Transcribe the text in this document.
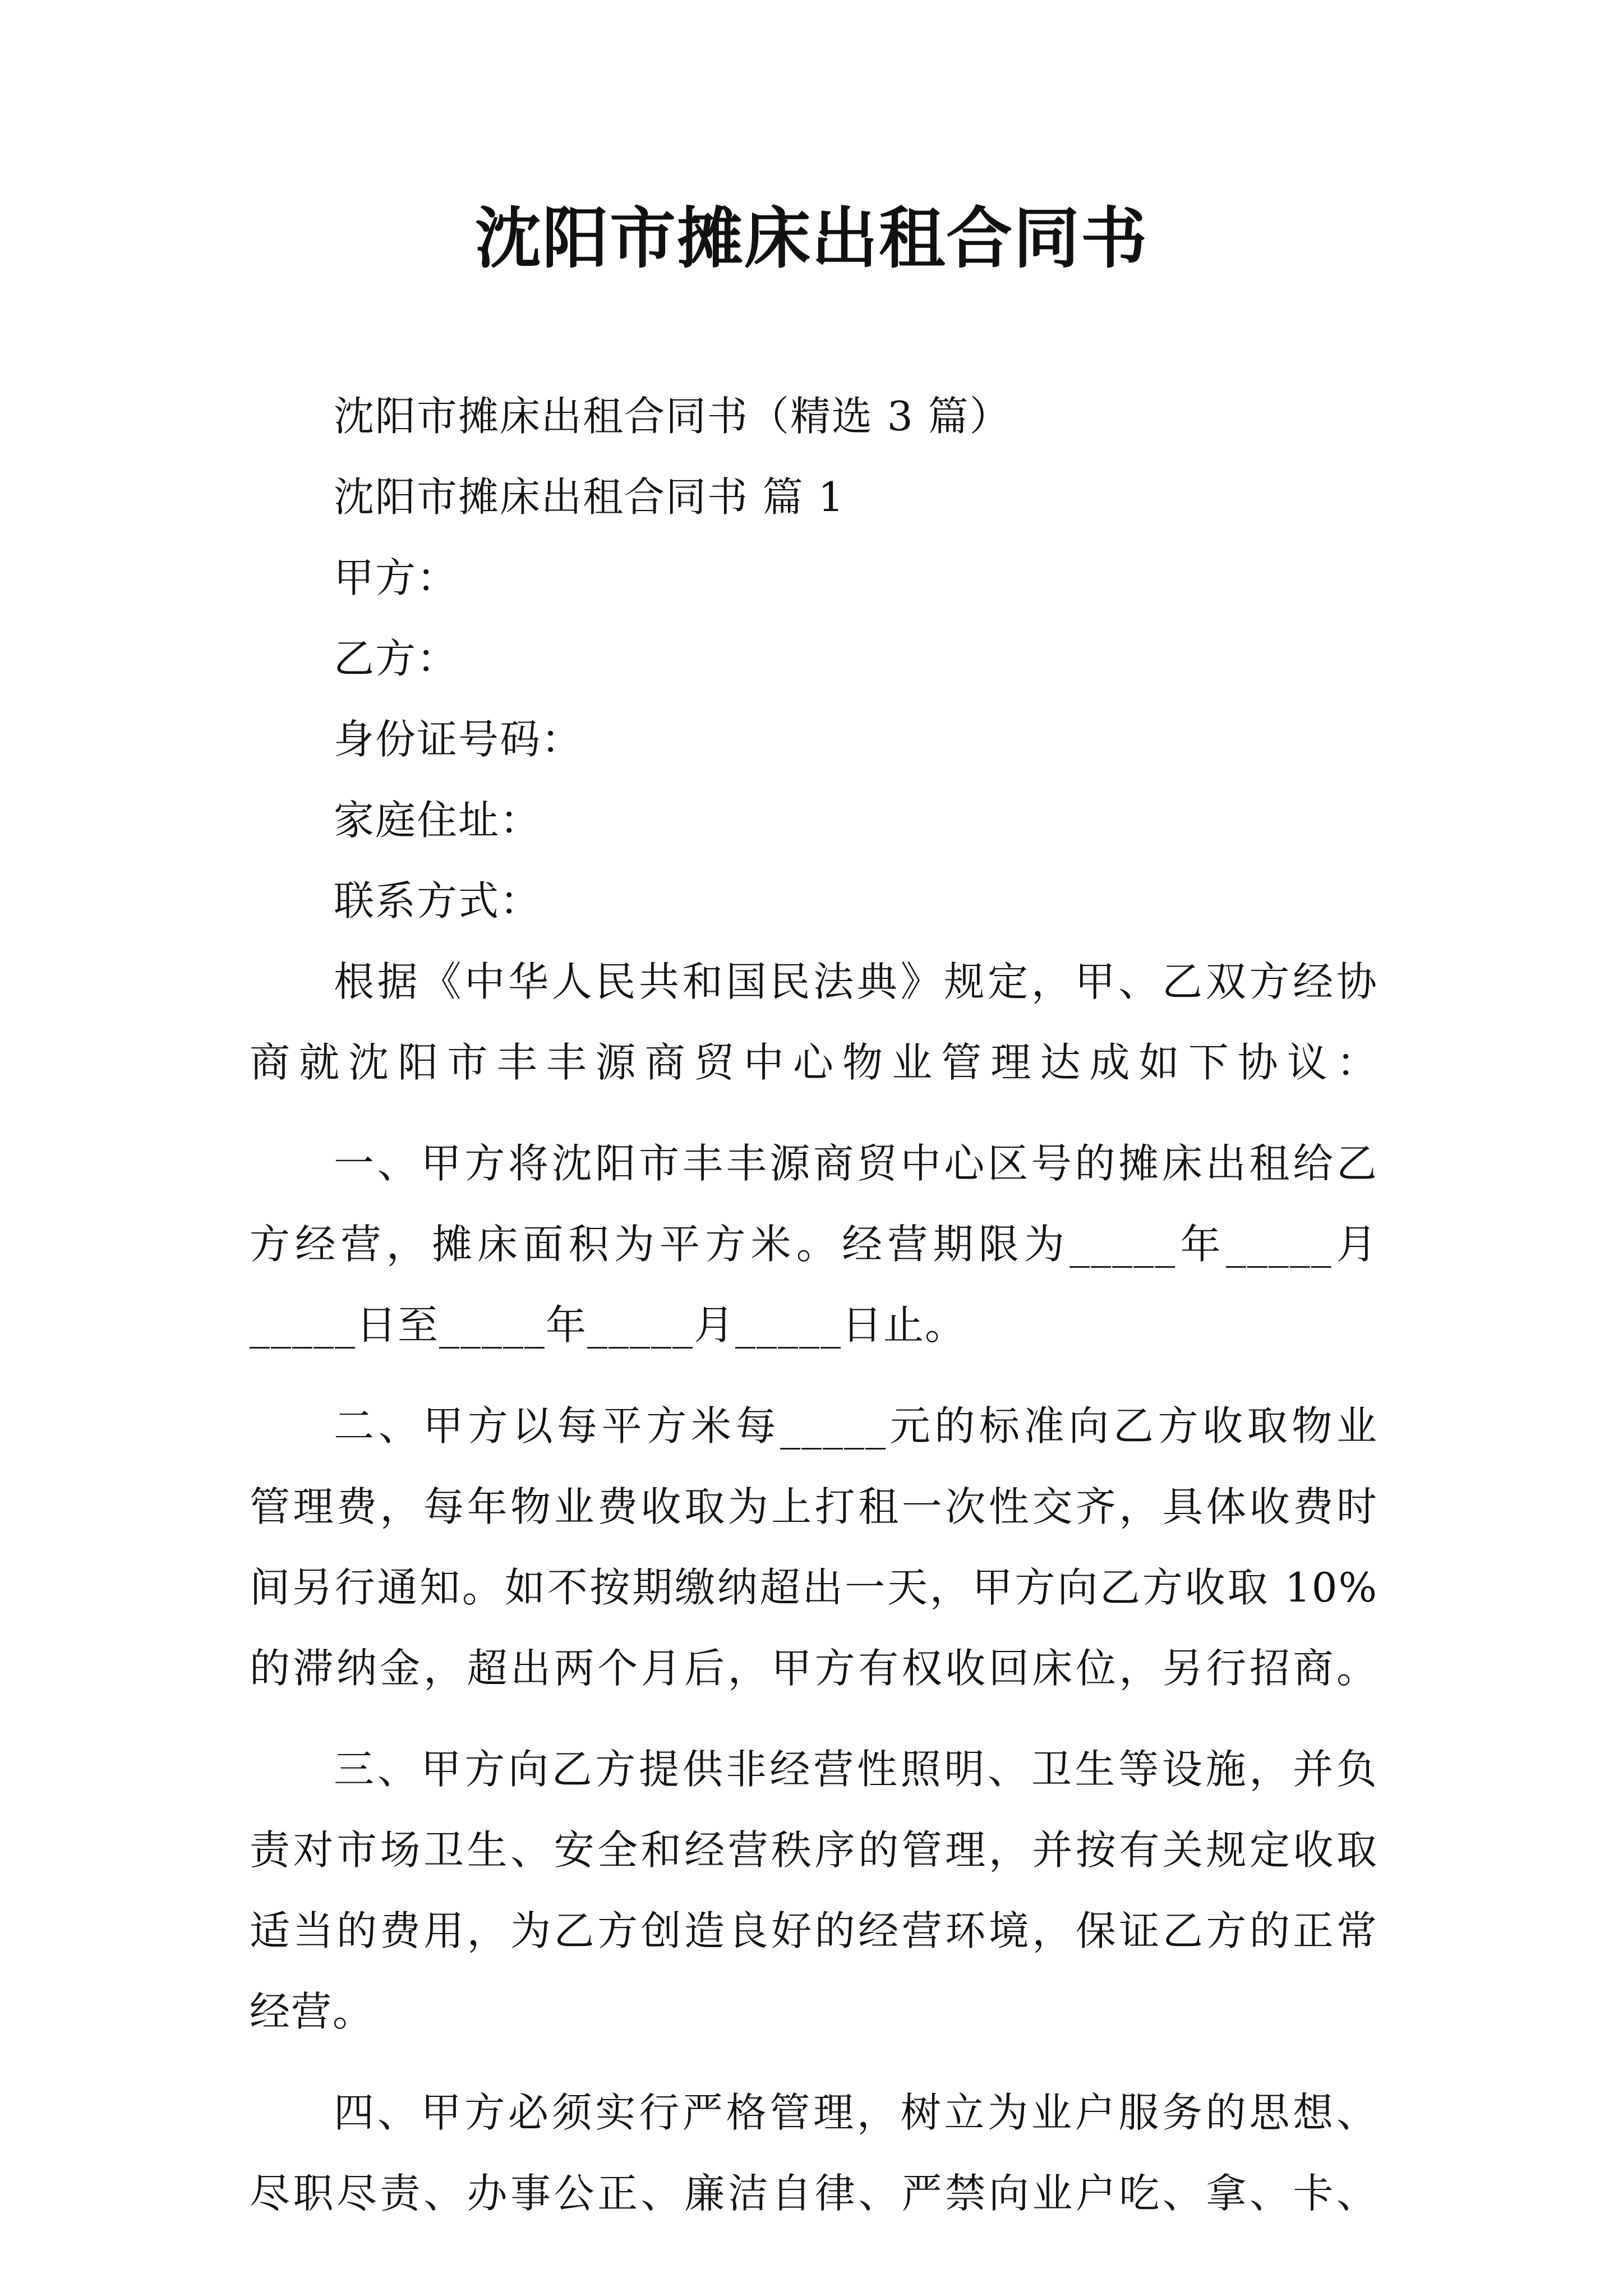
沈阳市摊床出租合同书
沈阳市摊床出租合同书（精选 3 篇）
沈阳市摊床出租合同书 篇 1
甲方：
乙方：
身份证号码：
家庭住址：
联系方式：
根据《中华人民共和国民法典》规定，甲、乙双方经协
商就沈阳市丰丰源商贸中心物业管理达成如下协议：
一、甲方将沈阳市丰丰源商贸中心区号的摊床出租给乙
方经营，摊床面积为平方米。经营期限为_____年_____月
_____日至_____年_____月_____日止。
二、甲方以每平方米每_____元的标准向乙方收取物业
管理费，每年物业费收取为上打租一次性交齐，具体收费时
间另行通知。如不按期缴纳超出一天，甲方向乙方收取 10%
的滞纳金，超出两个月后，甲方有权收回床位，另行招商。
三、甲方向乙方提供非经营性照明、卫生等设施，并负
责对市场卫生、安全和经营秩序的管理，并按有关规定收取
适当的费用，为乙方创造良好的经营环境，保证乙方的正常
经营。
四、甲方必须实行严格管理，树立为业户服务的思想、
尽职尽责、办事公正、廉洁自律、严禁向业户吃、拿、卡、
